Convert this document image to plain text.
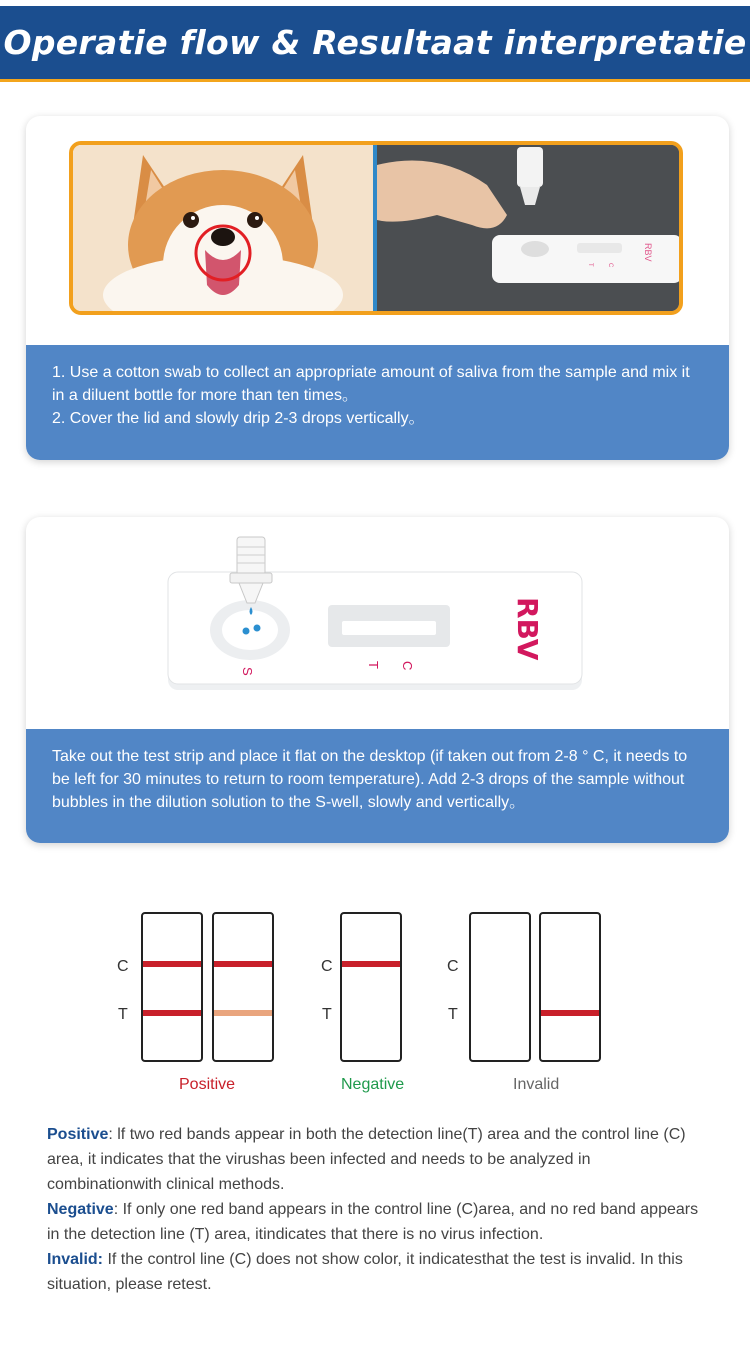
Operatie flow & Resultaat interpretatie
RBV
C
T

1. Use a cotton swab to collect an appropriate amount of saliva from the sample and mix it in a diluent bottle for more than ten times。

2. Cover the lid and slowly drip 2-3 drops vertically。

RBV
S
T C

Take out the test strip and place it flat on the desktop (if taken out from 2-8 ° C, it needs to be left for 30 minutes to return to room temperature). Add 2-3 drops of the sample without bubbles in the dilution solution to the S-well, slowly and vertically。

C
T
C
T
C
T
Positive	Negative	Invalid
Positive: lf two red bands appear in both the detection line(T) area and the control line (C) area, it indicates that the virushas been infected and needs to be analyzed in combinationwith clinical methods.
Negative: If only one red band appears in the control line (C)area, and no red band appears in the detection line (T) area, itindicates that there is no virus infection.
Invalid: If the control line (C) does not show color, it indicatesthat the test is invalid. In this situation, please retest.
